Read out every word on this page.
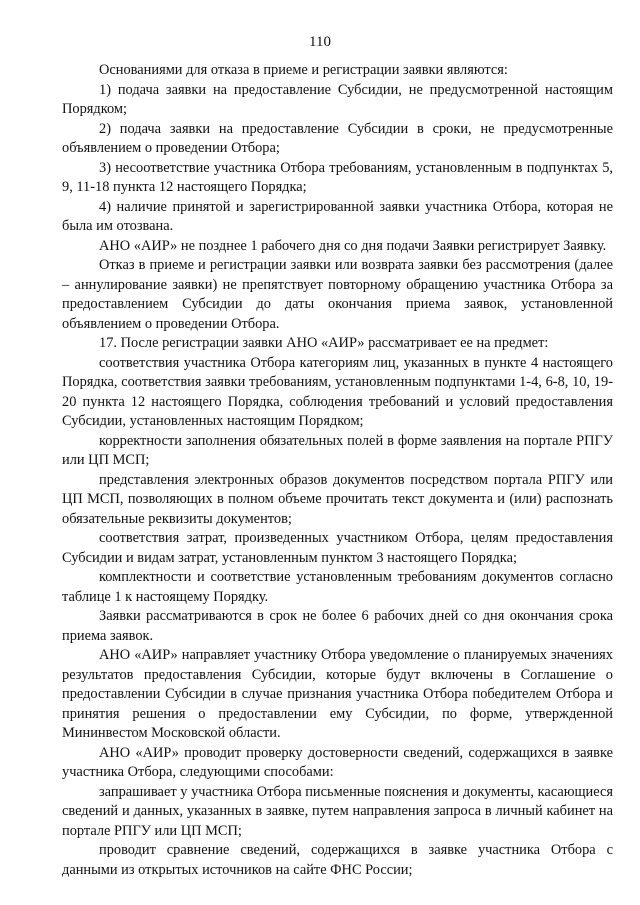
110

Основаниями для отказа в приеме и регистрации заявки являются:

1) подача заявки на предоставление Субсидии, не предусмотренной настоящим Порядком;

2) подача заявки на предоставление Субсидии в сроки, не предусмотренные объявлением о проведении Отбора;

3) несоответствие участника Отбора требованиям, установленным в подпунктах 5, 9, 11-18 пункта 12 настоящего Порядка;

4) наличие принятой и зарегистрированной заявки участника Отбора, которая не была им отозвана.

АНО «АИР» не позднее 1 рабочего дня со дня подачи Заявки регистрирует Заявку.

Отказ в приеме и регистрации заявки или возврата заявки без рассмотрения (далее – аннулирование заявки) не препятствует повторному обращению участника Отбора за предоставлением Субсидии до даты окончания приема заявок, установленной объявлением о проведении Отбора.

17. После регистрации заявки АНО «АИР» рассматривает ее на предмет:

соответствия участника Отбора категориям лиц, указанных в пункте 4 настоящего Порядка, соответствия заявки требованиям, установленным подпунктами 1-4, 6-8, 10, 19-20 пункта 12 настоящего Порядка, соблюдения требований и условий предоставления Субсидии, установленных настоящим Порядком;

корректности заполнения обязательных полей в форме заявления на портале РПГУ или ЦП МСП;

представления электронных образов документов посредством портала РПГУ или ЦП МСП, позволяющих в полном объеме прочитать текст документа и (или) распознать обязательные реквизиты документов;

соответствия затрат, произведенных участником Отбора, целям предоставления Субсидии и видам затрат, установленным пунктом 3 настоящего Порядка;

комплектности и соответствие установленным требованиям документов согласно таблице 1 к настоящему Порядку.

Заявки рассматриваются в срок не более 6 рабочих дней со дня окончания срока приема заявок.

АНО «АИР» направляет участнику Отбора уведомление о планируемых значениях результатов предоставления Субсидии, которые будут включены в Соглашение о предоставлении Субсидии в случае признания участника Отбора победителем Отбора и принятия решения о предоставлении ему Субсидии, по форме, утвержденной Мининвестом Московской области.

АНО «АИР» проводит проверку достоверности сведений, содержащихся в заявке участника Отбора, следующими способами:

запрашивает у участника Отбора письменные пояснения и документы, касающиеся сведений и данных, указанных в заявке, путем направления запроса в личный кабинет на портале РПГУ или ЦП МСП;

проводит сравнение сведений, содержащихся в заявке участника Отбора с данными из открытых источников на сайте ФНС России;
